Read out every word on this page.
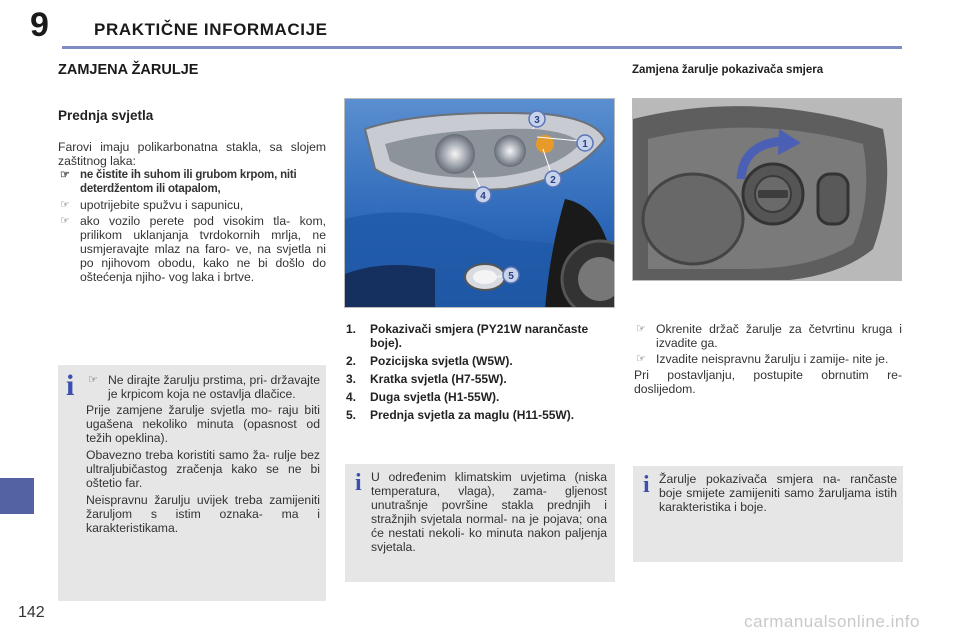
9	PRAKTIČNE INFORMACIJE
142
ZAMJENA ŽARULJE
Prednja svjetla

Farovi imaju polikarbonatna stakla, sa slojem zaštitnog laka:

☞ ne čistite ih suhom ili grubom krpom, niti deterdžentom ili otapalom,
☞ upotrijebite spužvu i sapunicu,
☞ ako vozilo perete pod visokim tla- kom, prilikom uklanjanja tvrdokornih mrlja, ne usmjeravajte mlaz na faro- ve, na svjetla ni po njihovom obodu, kako ne bi došlo do oštećenja njiho- vog laka i brtve.
i
☞	Ne dirajte žarulju prstima, pri- državajte je krpicom koja ne ostavlja dlačice.

Prije zamjene žarulje svjetla mo- raju biti ugašena nekoliko minuta (opasnost od težih opeklina).

Obavezno treba koristiti samo ža- rulje bez ultraljubičastog zračenja kako se ne bi oštetio far.

Neispravnu žarulju uvijek treba zamijeniti žaruljom s istim oznaka- ma i karakteristikama.

1
2
3
4
5
1. Pokazivači smjera (PY21W narančaste boje).
2. Pozicijska svjetla (W5W).
3. Kratka svjetla (H7-55W).
4. Duga svjetla (H1-55W).
5. Prednja svjetla za maglu (H11-55W).
i U određenim klimatskim uvjetima (niska temperatura, vlaga), zama- gljenost unutrašnje površine stakla prednjih i stražnjih svjetala normal- na je pojava; ona će nestati nekoli- ko minuta nakon paljenja svjetala.

Zamjena žarulje pokazivača smjera
☞ Okrenite držač žarulje za četvrtinu kruga i izvadite ga.
☞ Izvadite neispravnu žarulju i zamije- nite je.

Pri postavljanju, postupite obrnutim re- doslijedom.

i Žarulje pokazivača smjera na- rančaste boje smijete zamijeniti samo žaruljama istih karakteristika i boje.

carmanualsonline.info
